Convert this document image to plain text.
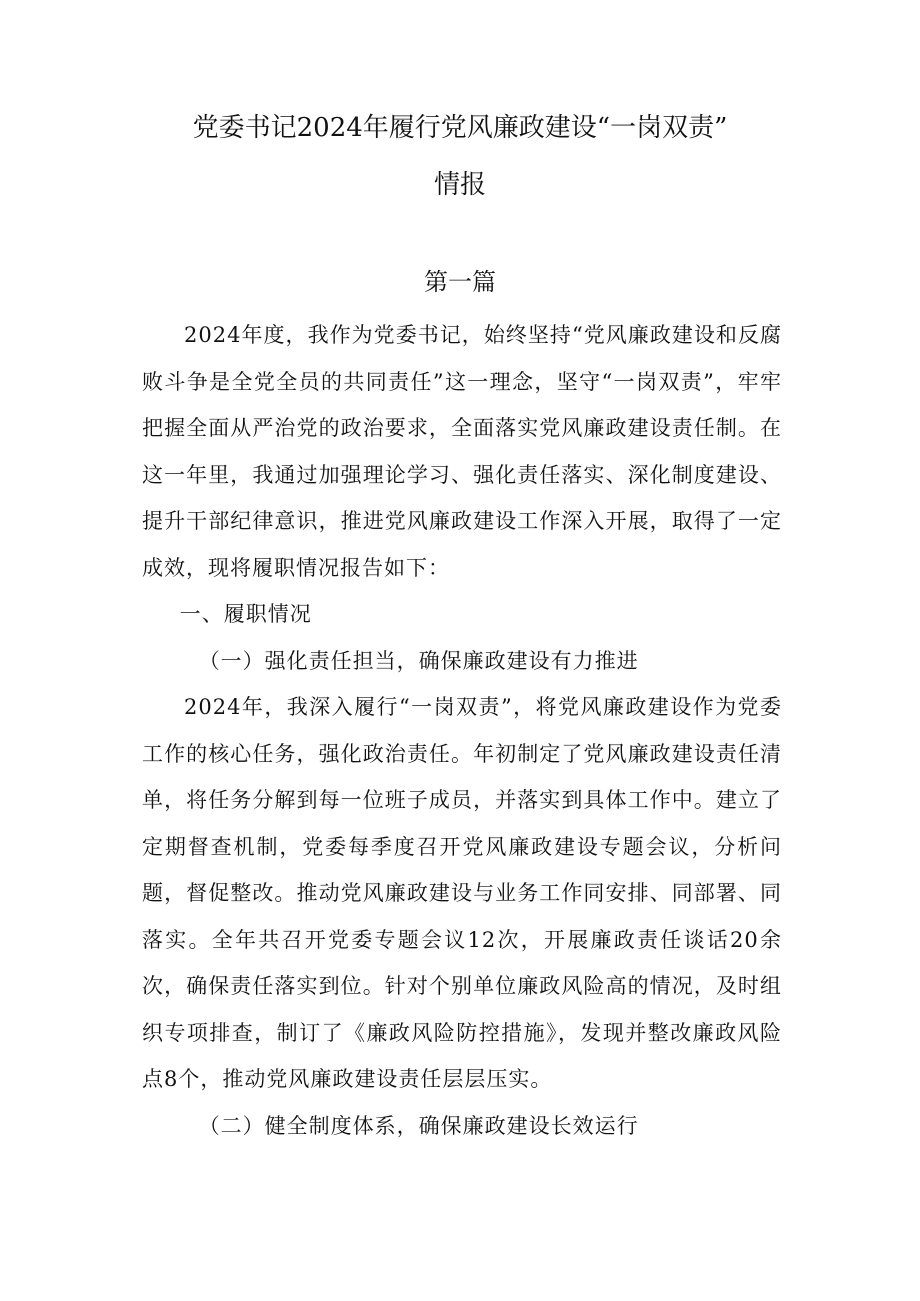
党委书记2024年履行党风廉政建设“一岗双责”
情报
第一篇

2024年度，我作为党委书记，始终坚持“党风廉政建设和反腐败斗争是全党全员的共同责任”这一理念，坚守“一岗双责”，牢牢把握全面从严治党的政治要求，全面落实党风廉政建设责任制。在这一年里，我通过加强理论学习、强化责任落实、深化制度建设、提升干部纪律意识，推进党风廉政建设工作深入开展，取得了一定成效，现将履职情况报告如下：

一、履职情况

（一）强化责任担当，确保廉政建设有力推进

2024年，我深入履行“一岗双责”，将党风廉政建设作为党委工作的核心任务，强化政治责任。年初制定了党风廉政建设责任清单，将任务分解到每一位班子成员，并落实到具体工作中。建立了定期督查机制，党委每季度召开党风廉政建设专题会议，分析问题，督促整改。推动党风廉政建设与业务工作同安排、同部署、同落实。全年共召开党委专题会议12次，开展廉政责任谈话20余次，确保责任落实到位。针对个别单位廉政风险高的情况，及时组织专项排查，制订了《廉政风险防控措施》，发现并整改廉政风险点8个，推动党风廉政建设责任层层压实。

（二）健全制度体系，确保廉政建设长效运行
